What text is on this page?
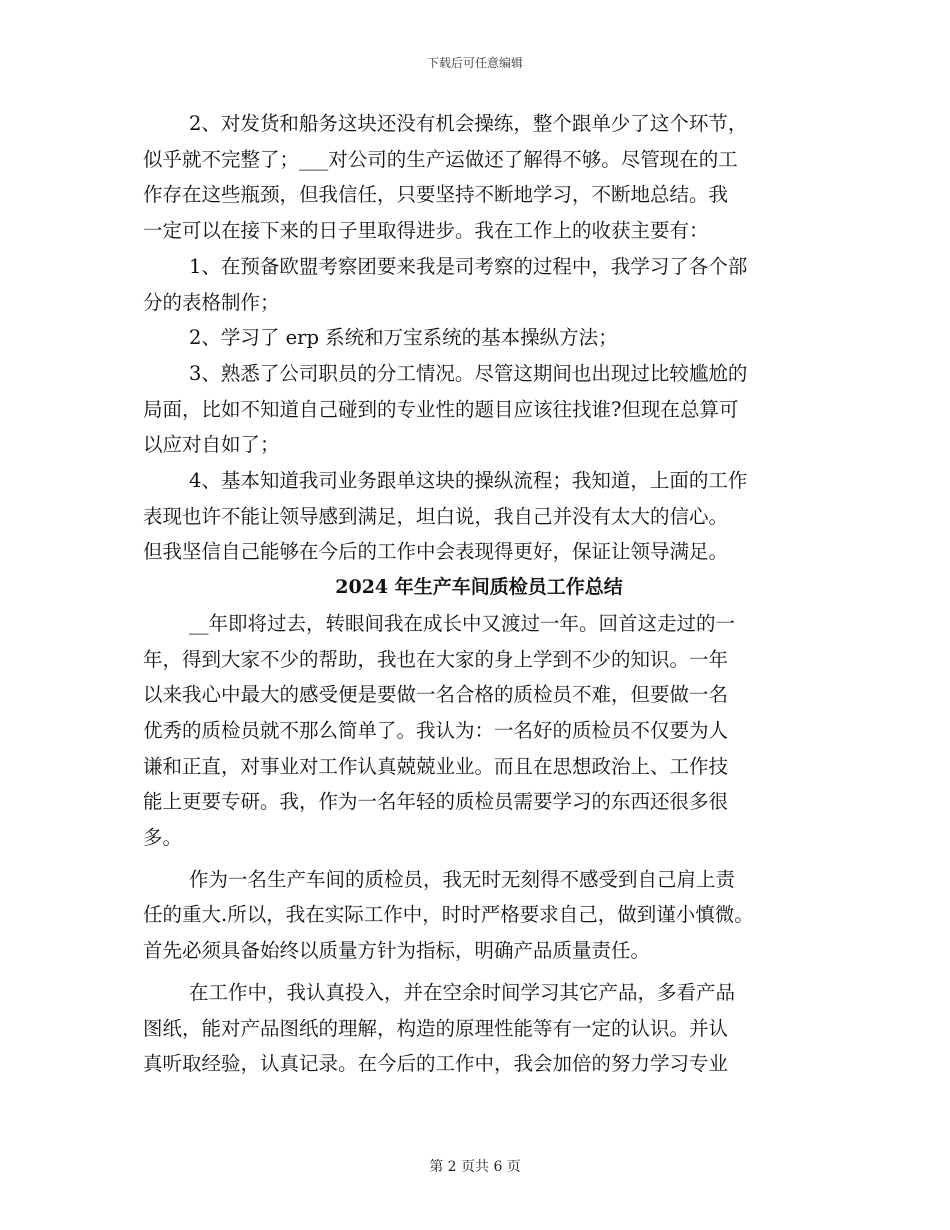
下载后可任意编辑

2、对发货和船务这块还没有机会操练，整个跟单少了这个环节，
似乎就不完整了；___对公司的生产运做还了解得不够。尽管现在的工
作存在这些瓶颈，但我信任，只要坚持不断地学习，不断地总结。我
一定可以在接下来的日子里取得进步。我在工作上的收获主要有：

1、在预备欧盟考察团要来我是司考察的过程中，我学习了各个部
分的表格制作；

2、学习了 erp 系统和万宝系统的基本操纵方法；

3、熟悉了公司职员的分工情况。尽管这期间也出现过比较尴尬的
局面，比如不知道自己碰到的专业性的题目应该往找谁?但现在总算可
以应对自如了；

4、基本知道我司业务跟单这块的操纵流程；我知道，上面的工作
表现也许不能让领导感到满足，坦白说，我自己并没有太大的信心。
但我坚信自己能够在今后的工作中会表现得更好，保证让领导满足。

2024 年生产车间质检员工作总结

__年即将过去，转眼间我在成长中又渡过一年。回首这走过的一
年，得到大家不少的帮助，我也在大家的身上学到不少的知识。一年
以来我心中最大的感受便是要做一名合格的质检员不难，但要做一名
优秀的质检员就不那么简单了。我认为：一名好的质检员不仅要为人
谦和正直，对事业对工作认真兢兢业业。而且在思想政治上、工作技
能上更要专研。我，作为一名年轻的质检员需要学习的东西还很多很
多。

作为一名生产车间的质检员，我无时无刻得不感受到自己肩上责
任的重大.所以，我在实际工作中，时时严格要求自己，做到谨小慎微。
首先必须具备始终以质量方针为指标，明确产品质量责任。

在工作中，我认真投入，并在空余时间学习其它产品，多看产品
图纸，能对产品图纸的理解，构造的原理性能等有一定的认识。并认
真听取经验，认真记录。在今后的工作中，我会加倍的努力学习专业

第 2 页共 6 页
